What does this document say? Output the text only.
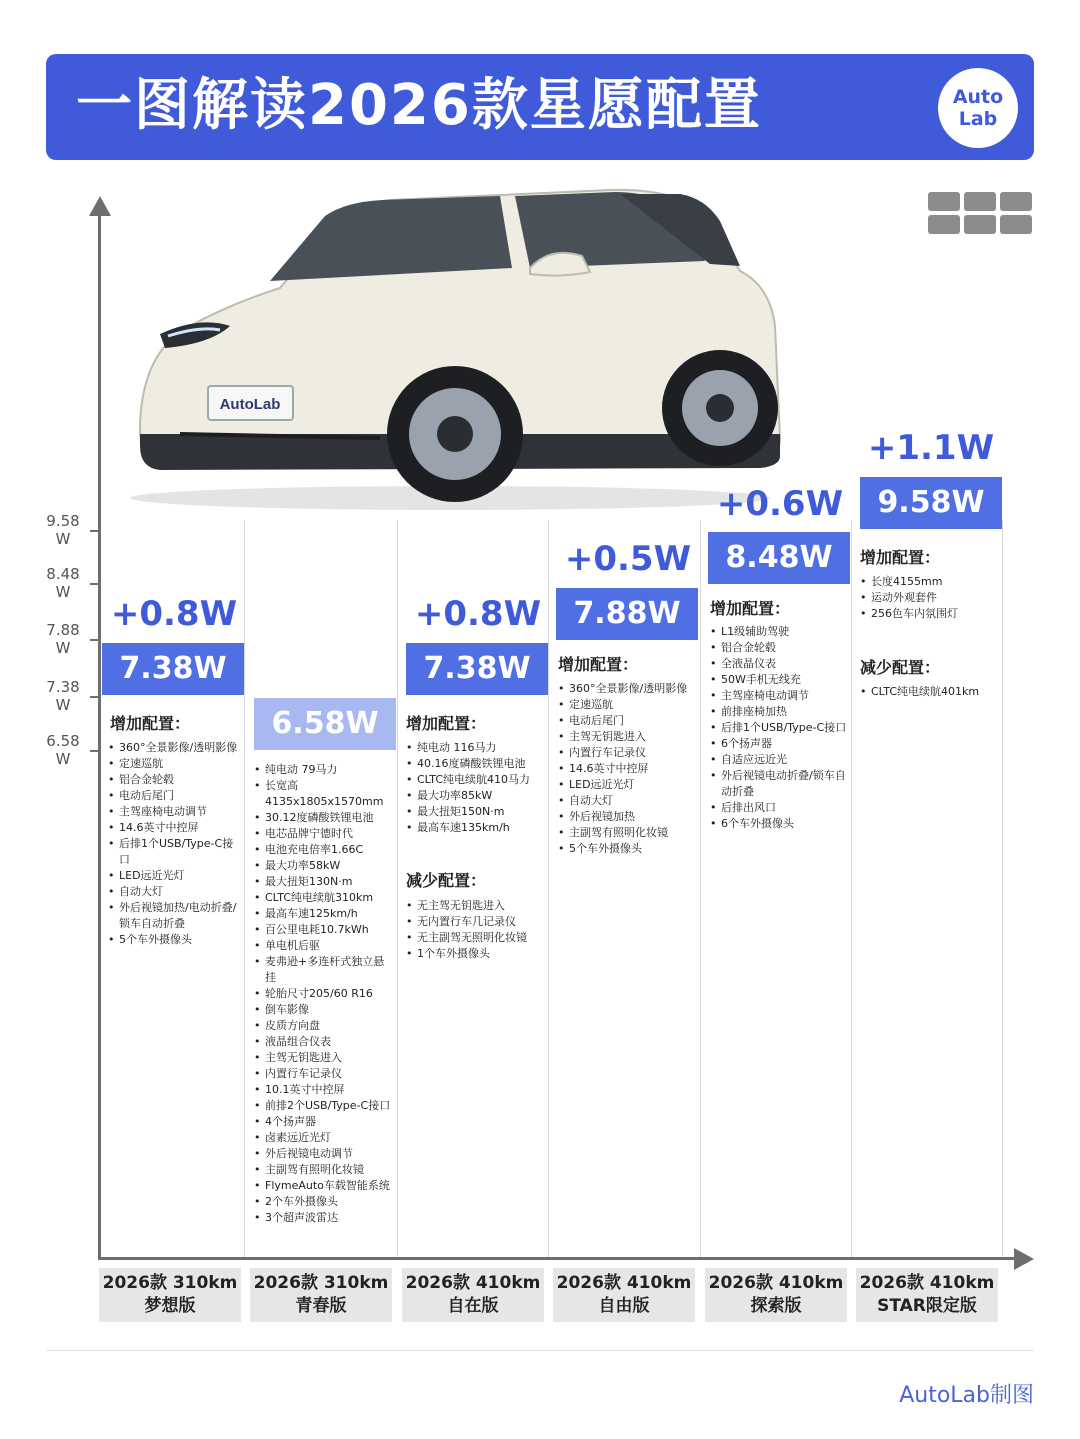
一图解读2026款星愿配置	Auto
Lab
AutoLab
9.58
W
8.48
W
7.88
W
7.38
W
6.58
W
+0.8W
7.38W
增加配置：
• 360°全景影像/透明影像
• 定速巡航
• 铝合金轮毂
• 电动后尾门
• 主驾座椅电动调节
• 14.6英寸中控屏
• 后排1个USB/Type-C接口
• LED远近光灯
• 自动大灯
• 外后视镜加热/电动折叠/锁车自动折叠
• 5个车外摄像头
6.58W
• 纯电动 79马力
• 长宽高4135x1805x1570mm
• 30.12度磷酸铁锂电池
• 电芯品牌宁德时代
• 电池充电倍率1.66C
• 最大功率58kW
• 最大扭矩130N·m
• CLTC纯电续航310km
• 最高车速125km/h
• 百公里电耗10.7kWh
• 单电机后驱
• 麦弗逊+多连杆式独立悬挂
• 轮胎尺寸205/60 R16
• 倒车影像
• 皮质方向盘
• 液晶组合仪表
• 主驾无钥匙进入
• 内置行车记录仪
• 10.1英寸中控屏
• 前排2个USB/Type-C接口
• 4个扬声器
• 卤素远近光灯
• 外后视镜电动调节
• 主副驾有照明化妆镜
• FlymeAuto车载智能系统
• 2个车外摄像头
• 3个超声波雷达
+0.8W
7.38W
增加配置：
• 纯电动 116马力
• 40.16度磷酸铁锂电池
• CLTC纯电续航410马力
• 最大功率85kW
• 最大扭矩150N·m
• 最高车速135km/h
减少配置：
• 无主驾无钥匙进入
• 无内置行车几记录仪
• 无主副驾无照明化妆镜
• 1个车外摄像头
+0.5W
7.88W
增加配置：
• 360°全景影像/透明影像
• 定速巡航
• 电动后尾门
• 主驾无钥匙进入
• 内置行车记录仪
• 14.6英寸中控屏
• LED远近光灯
• 自动大灯
• 外后视镜加热
• 主副驾有照明化妆镜
• 5个车外摄像头
+0.6W
8.48W
增加配置：
• L1级辅助驾驶
• 铝合金轮毂
• 全液晶仪表
• 50W手机无线充
• 主驾座椅电动调节
• 前排座椅加热
• 后排1个USB/Type-C接口
• 6个扬声器
• 自适应远近光
• 外后视镜电动折叠/锁车自动折叠
• 后排出风口
• 6个车外摄像头
+1.1W
9.58W
增加配置：
• 长度4155mm
• 运动外观套件
• 256色车内氛围灯
减少配置：
• CLTC纯电续航401km
2026款 310km
梦想版
2026款 310km
青春版
2026款 410km
自在版
2026款 410km
自由版
2026款 410km
探索版
2026款 410km
STAR限定版
AutoLab制图
